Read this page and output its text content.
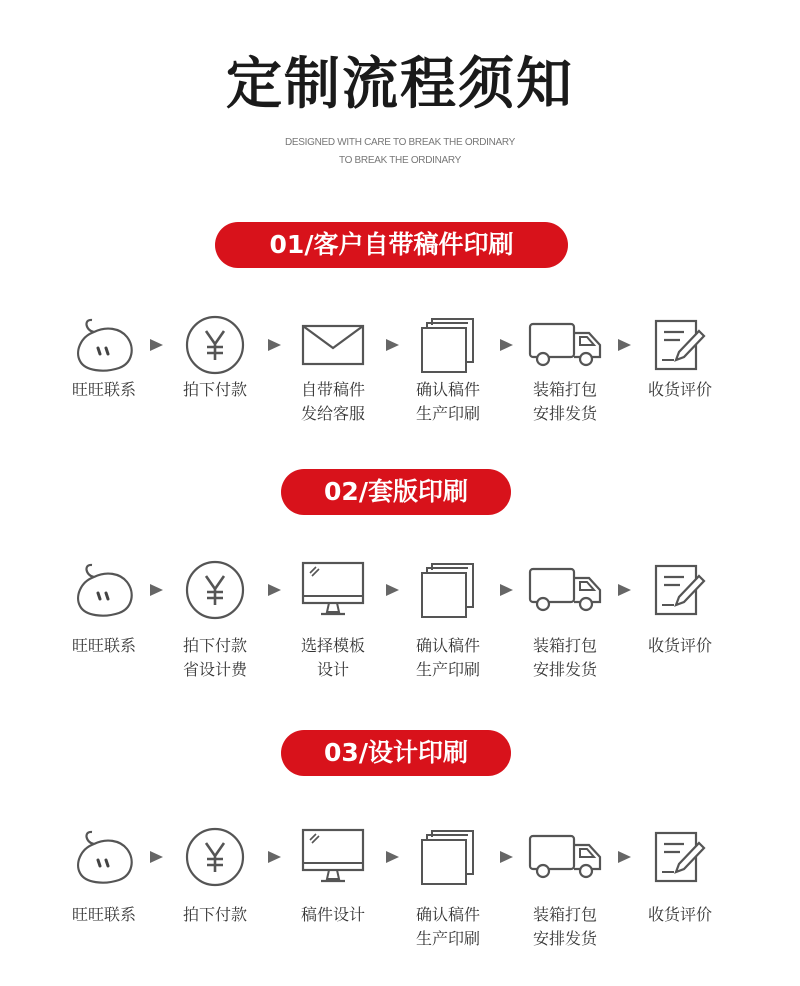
定制流程须知
DESIGNED WITH CARE TO BREAK THE ORDINARY
TO BREAK THE ORDINARY
01/客户自带稿件印刷
旺旺联系	拍下付款	自带稿件
发给客服
确认稿件
生产印刷
装箱打包
安排发货
收货评价
02/套版印刷
旺旺联系	拍下付款
省设计费
选择模板
设计
确认稿件
生产印刷
装箱打包
安排发货
收货评价
03/设计印刷
旺旺联系	拍下付款	稿件设计	确认稿件
生产印刷
装箱打包
安排发货
收货评价
